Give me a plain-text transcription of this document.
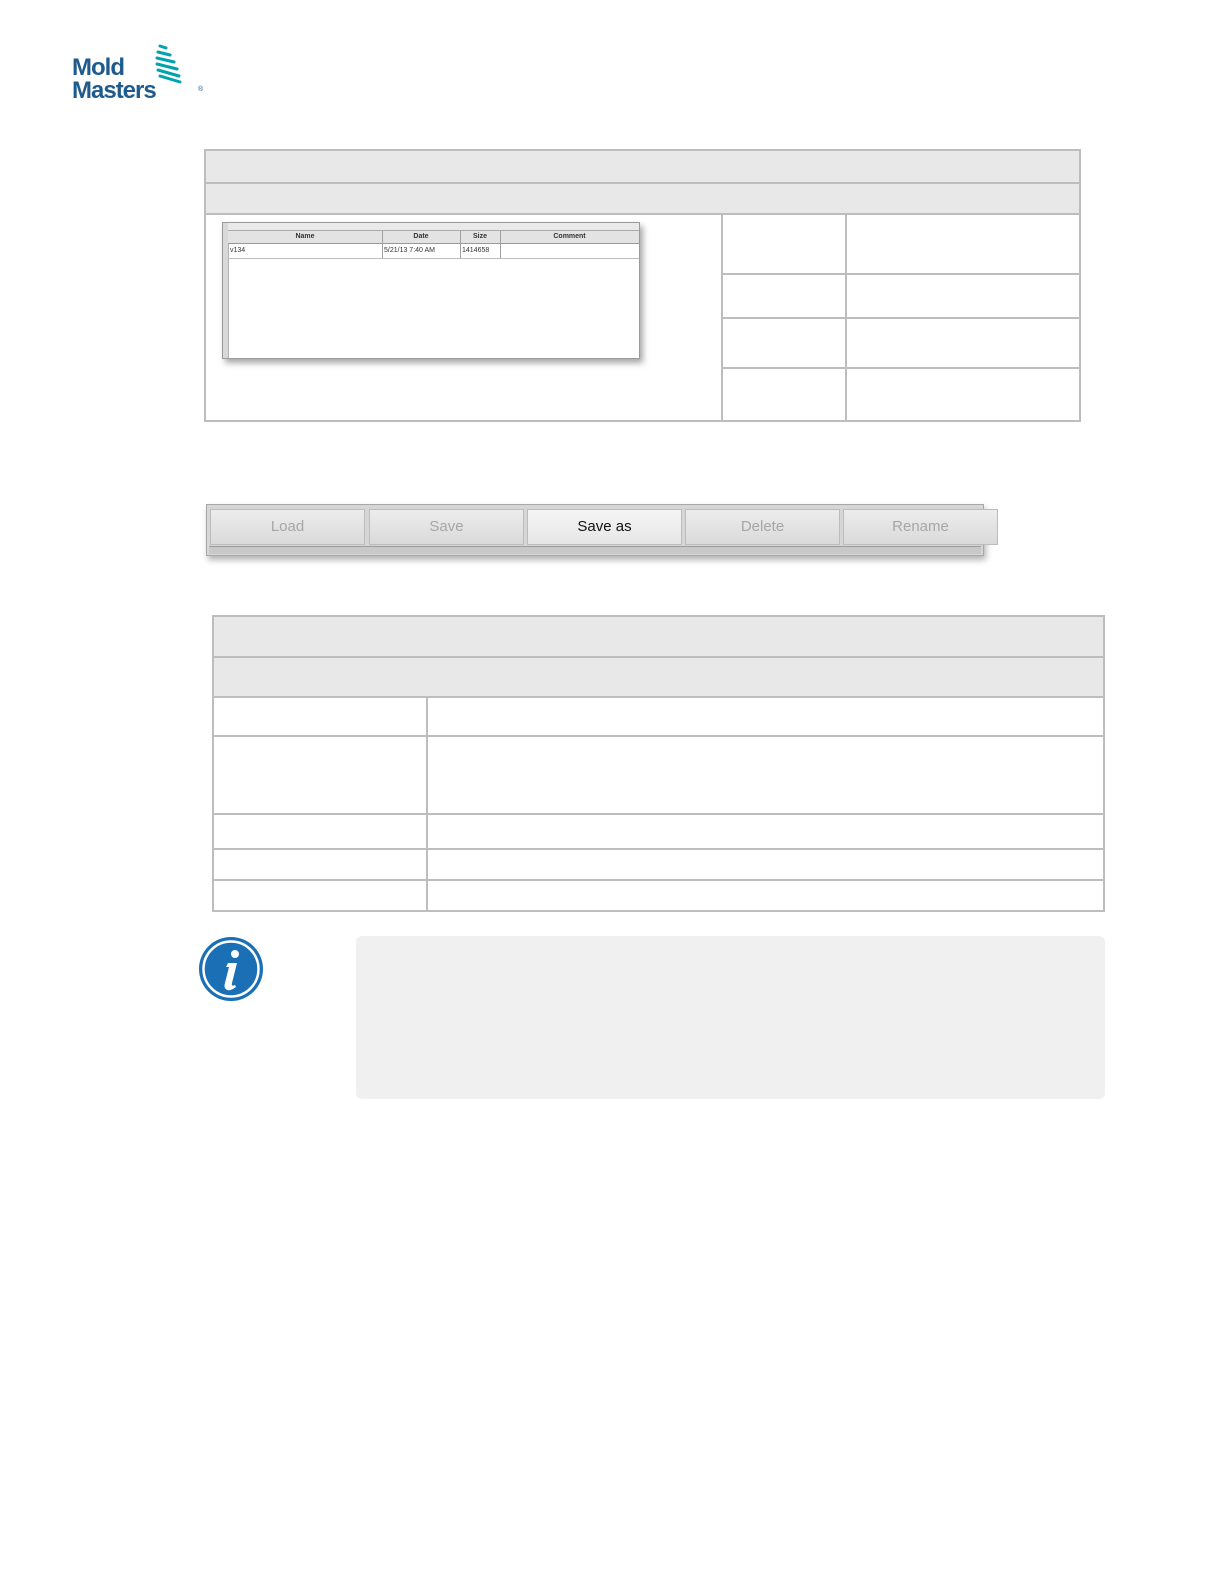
Mold
Masters	®
Name	Date	Size	Comment
v134	5/21/13 7:40 AM	1414658
Load	Save	Save as	Delete	Rename
